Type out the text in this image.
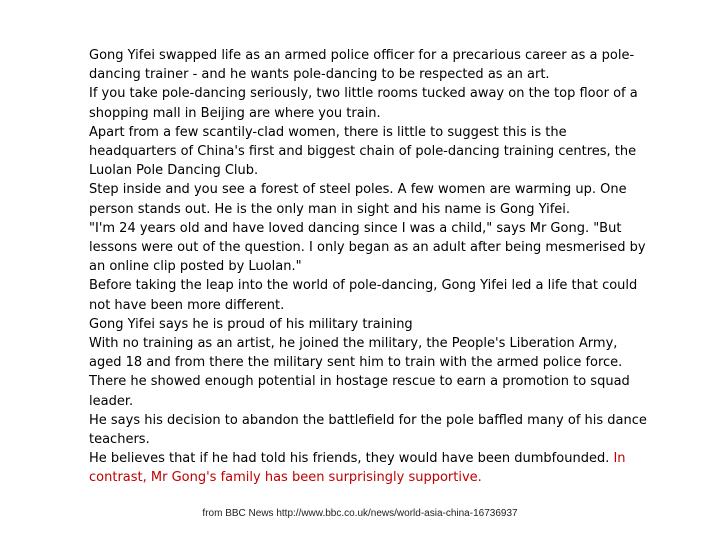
Gong Yifei swapped life as an armed police officer for a precarious career as a pole-dancing trainer - and he wants pole-dancing to be respected as an art.

If you take pole-dancing seriously, two little rooms tucked away on the top floor of a shopping mall in Beijing are where you train.

Apart from a few scantily-clad women, there is little to suggest this is the headquarters of China's first and biggest chain of pole-dancing training centres, the Luolan Pole Dancing Club.

Step inside and you see a forest of steel poles. A few women are warming up. One person stands out. He is the only man in sight and his name is Gong Yifei.

"I'm 24 years old and have loved dancing since I was a child," says Mr Gong. "But lessons were out of the question. I only began as an adult after being mesmerised by an online clip posted by Luolan."

Before taking the leap into the world of pole-dancing, Gong Yifei led a life that could not have been more different.

Gong Yifei says he is proud of his military training

With no training as an artist, he joined the military, the People's Liberation Army, aged 18 and from there the military sent him to train with the armed police force.

There he showed enough potential in hostage rescue to earn a promotion to squad leader.

He says his decision to abandon the battlefield for the pole baffled many of his dance teachers.

He believes that if he had told his friends, they would have been dumbfounded. In contrast, Mr Gong's family has been surprisingly supportive.

from BBC News http://www.bbc.co.uk/news/world-asia-china-16736937
